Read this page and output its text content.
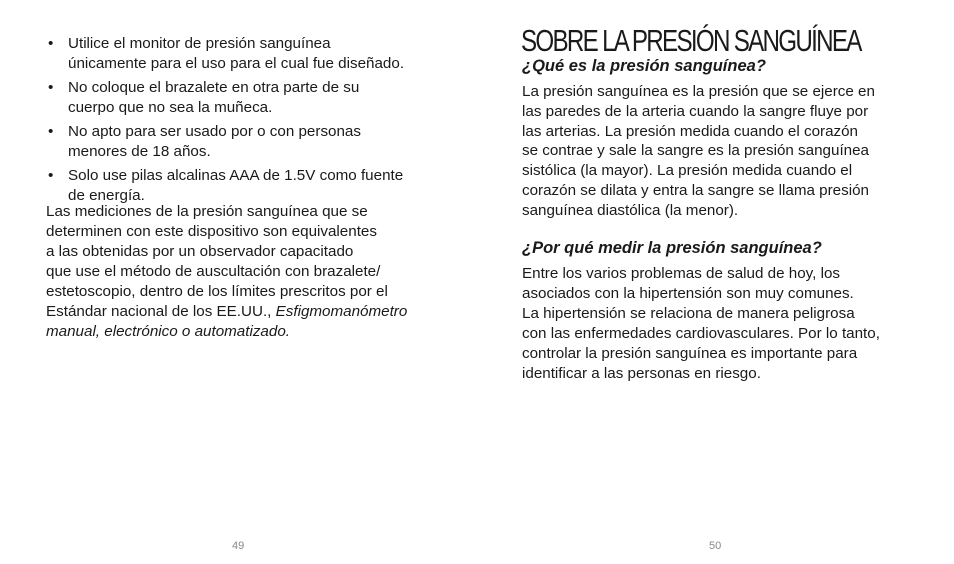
• Utilice el monitor de presión sanguínea
únicamente para el uso para el cual fue diseñado.
• No coloque el brazalete en otra parte de su
cuerpo que no sea la muñeca.
• No apto para ser usado por o con personas
menores de 18 años.
• Solo use pilas alcalinas AAA de 1.5V como fuente
de energía.

Las mediciones de la presión sanguínea que se
determinen con este dispositivo son equivalentes
a las obtenidas por un observador capacitado
que use el método de auscultación con brazalete/
estetoscopio, dentro de los límites prescritos por el
Estándar nacional de los EE.UU., Esfigmomanómetro
manual, electrónico o automatizado.

49
SOBRE LA PRESIÓN SANGUÍNEA
¿Qué es la presión sanguínea?

La presión sanguínea es la presión que se ejerce en
las paredes de la arteria cuando la sangre fluye por
las arterias. La presión medida cuando el corazón
se contrae y sale la sangre es la presión sanguínea
sistólica (la mayor). La presión medida cuando el
corazón se dilata y entra la sangre se llama presión
sanguínea diastólica (la menor).

¿Por qué medir la presión sanguínea?

Entre los varios problemas de salud de hoy, los
asociados con la hipertensión son muy comunes.
La hipertensión se relaciona de manera peligrosa
con las enfermedades cardiovasculares. Por lo tanto,
controlar la presión sanguínea es importante para
identificar a las personas en riesgo.

50
